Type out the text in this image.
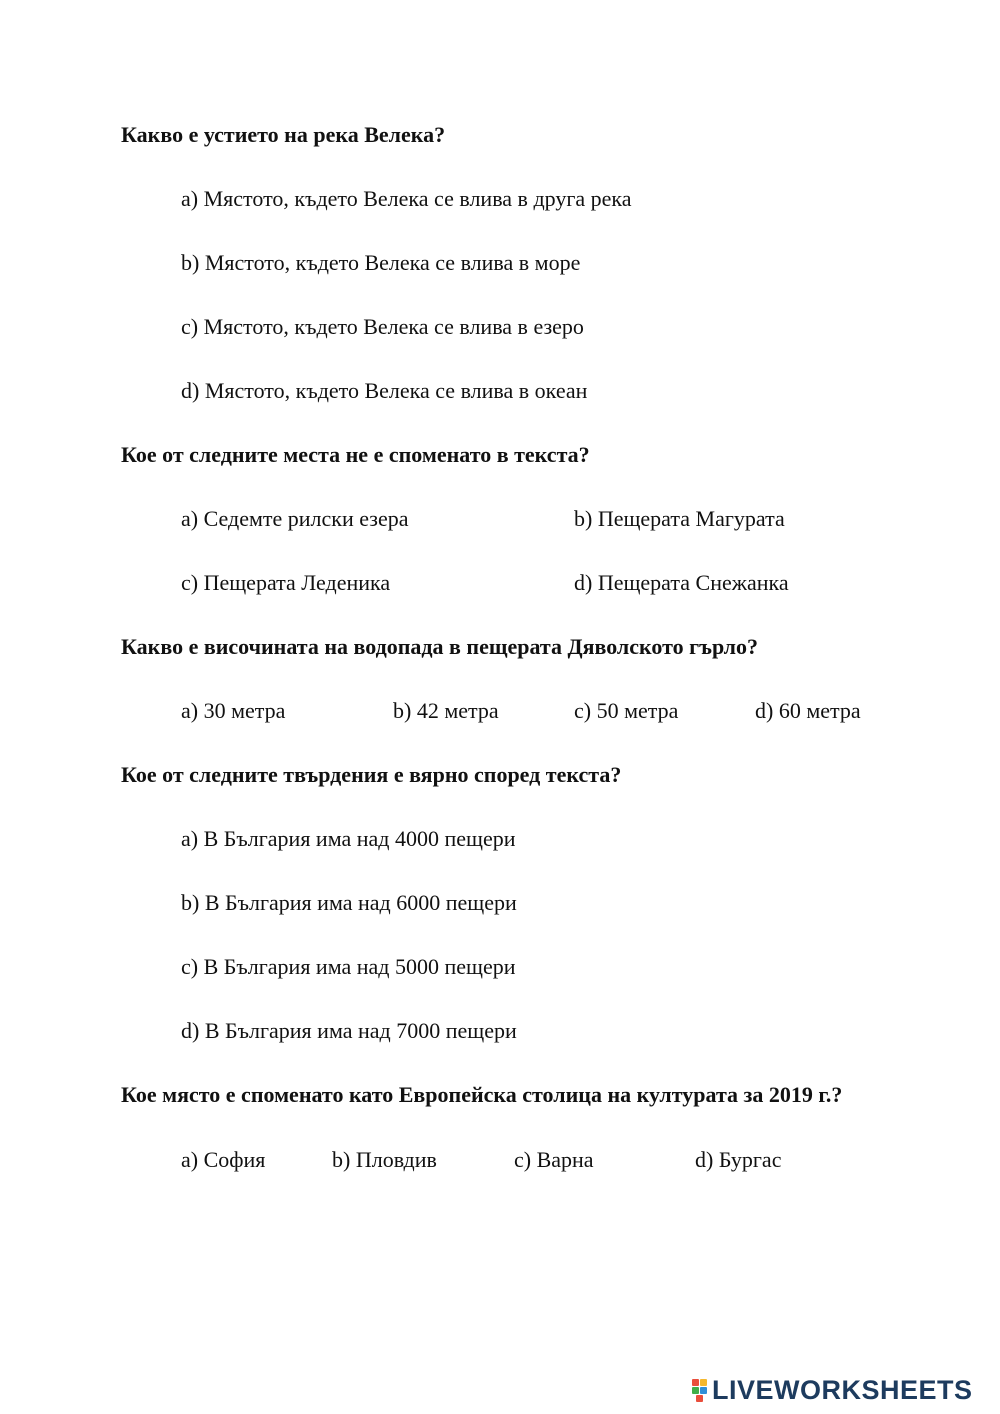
Какво е устието на река Велека?
a) Мястото, където Велека се влива в друга река
b) Мястото, където Велека се влива в море
c) Мястото, където Велека се влива в езеро
d) Мястото, където Велека се влива в океан
Кое от следните места не е споменато в текста?
a) Седемте рилски езера	b) Пещерата Магурата
c) Пещерата Леденика	d) Пещерата Снежанка
Какво е височината на водопада в пещерата Дяволското гърло?
a) 30 метра	b) 42 метра	c) 50 метра	d) 60 метра
Кое от следните твърдения е вярно според текста?
a) В България има над 4000 пещери
b) В България има над 6000 пещери
c) В България има над 5000 пещери
d) В България има над 7000 пещери
Кое място е споменато като Европейска столица на културата за 2019 г.?
a) София	b) Пловдив	c) Варна	d) Бургас
LIVEWORKSHEETS
